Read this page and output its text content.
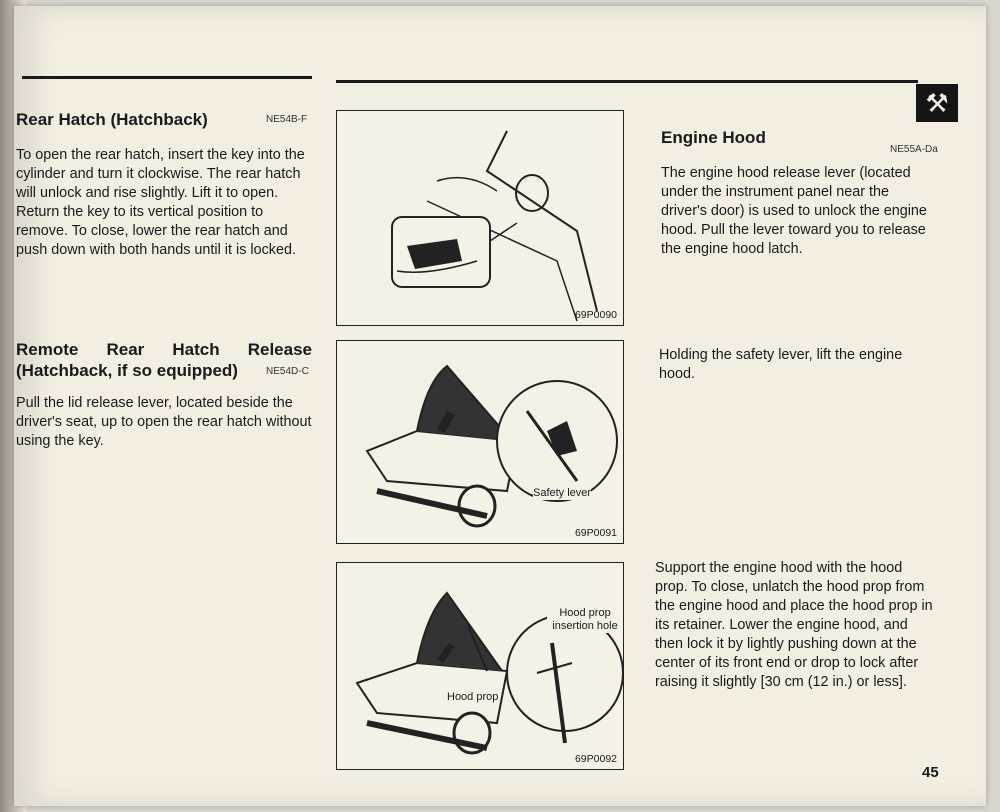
⚒
Rear Hatch (Hatchback)	NE54B-F

To open the rear hatch, insert the key into the cylinder and turn it clockwise. The rear hatch will unlock and rise slightly. Lift it to open. Return the key to its vertical position to remove. To close, lower the rear hatch and push down with both hands until it is locked.

Remote Rear Hatch Release
(Hatchback, if so equipped)	NE54D-C

Pull the lid release lever, located beside the driver's seat, up to open the rear hatch without using the key.

69P0090
Safety lever
69P0091
Hood prop insertion hole
Hood prop
69P0092
Engine Hood
NE55A-Da

The engine hood release lever (located under the instrument panel near the driver's door) is used to unlock the engine hood. Pull the lever toward you to release the engine hood latch.

Holding the safety lever, lift the engine hood.

Support the engine hood with the hood prop. To close, unlatch the hood prop from the engine hood and place the hood prop in its retainer. Lower the engine hood, and then lock it by lightly pushing down at the center of its front end or drop to lock after raising it slightly [30 cm (12 in.) or less].

45
